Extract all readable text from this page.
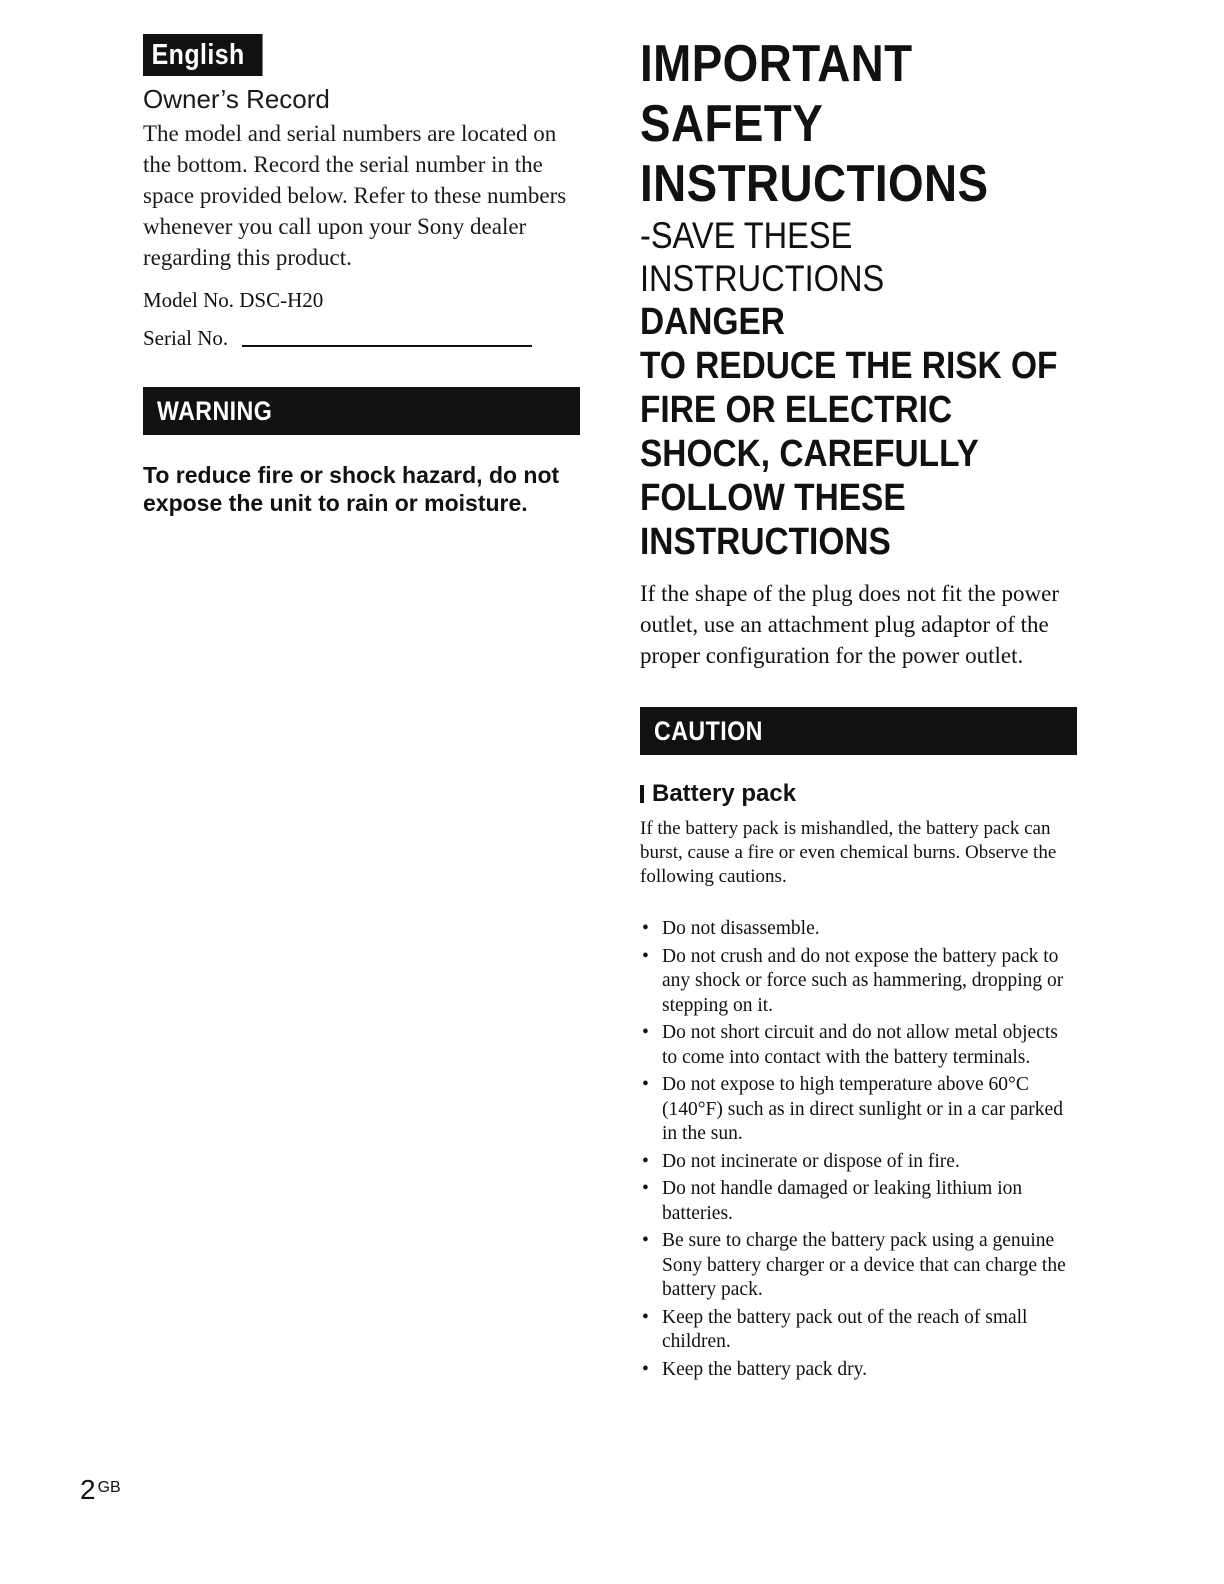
English
Owner’s Record
The model and serial numbers are located on the bottom. Record the serial number in the space provided below. Refer to these numbers whenever you call upon your Sony dealer regarding this product.
Model No. DSC-H20
Serial No.
WARNING
To reduce fire or shock hazard, do not expose the unit to rain or moisture.
IMPORTANT
SAFETY
INSTRUCTIONS
-SAVE THESE
INSTRUCTIONS
DANGER
TO REDUCE THE RISK OF
FIRE OR ELECTRIC
SHOCK, CAREFULLY
FOLLOW THESE
INSTRUCTIONS
If the shape of the plug does not fit the power outlet, use an attachment plug adaptor of the proper configuration for the power outlet.
CAUTION
Battery pack
If the battery pack is mishandled, the battery pack can burst, cause a fire or even chemical burns. Observe the following cautions.
• Do not disassemble.
• Do not crush and do not expose the battery pack to any shock or force such as hammering, dropping or stepping on it.
• Do not short circuit and do not allow metal objects to come into contact with the battery terminals.
• Do not expose to high temperature above 60°C (140°F) such as in direct sunlight or in a car parked in the sun.
• Do not incinerate or dispose of in fire.
• Do not handle damaged or leaking lithium ion batteries.
• Be sure to charge the battery pack using a genuine Sony battery charger or a device that can charge the battery pack.
• Keep the battery pack out of the reach of small children.
• Keep the battery pack dry.
2 $^{GB}$
